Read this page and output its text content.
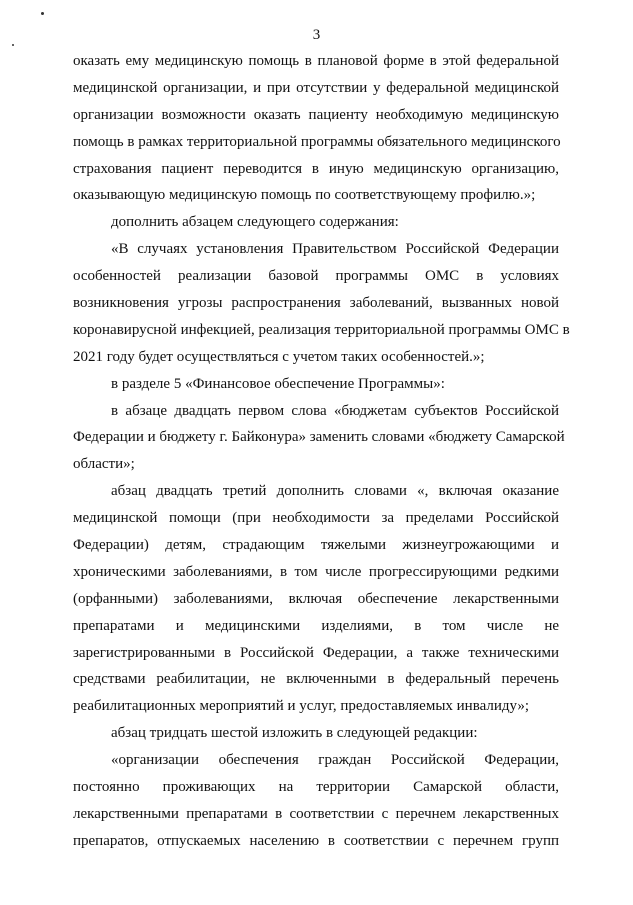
3
оказать ему медицинскую помощь в плановой форме в этой федеральной
медицинской организации, и при отсутствии у федеральной медицинской
организации возможности оказать пациенту необходимую медицинскую
помощь в рамках территориальной программы обязательного медицинского
страхования пациент переводится в иную медицинскую организацию,
оказывающую медицинскую помощь по соответствующему профилю.»;
дополнить абзацем следующего содержания:
«В случаях установления Правительством Российской Федерации
особенностей реализации базовой программы ОМС в условиях
возникновения угрозы распространения заболеваний, вызванных новой
коронавирусной инфекцией, реализация территориальной программы ОМС в
2021 году будет осуществляться с учетом таких особенностей.»;
в разделе 5 «Финансовое обеспечение Программы»:
в абзаце двадцать первом слова «бюджетам субъектов Российской
Федерации и бюджету г. Байконура» заменить словами «бюджету Самарской
области»;
абзац двадцать третий дополнить словами «, включая оказание
медицинской помощи (при необходимости за пределами Российской
Федерации) детям, страдающим тяжелыми жизнеугрожающими и
хроническими заболеваниями, в том числе прогрессирующими редкими
(орфанными) заболеваниями, включая обеспечение лекарственными
препаратами и медицинскими изделиями, в том числе не
зарегистрированными в Российской Федерации, а также техническими
средствами реабилитации, не включенными в федеральный перечень
реабилитационных мероприятий и услуг, предоставляемых инвалиду»;
абзац тридцать шестой изложить в следующей редакции:
«организации обеспечения граждан Российской Федерации,
постоянно проживающих на территории Самарской области,
лекарственными препаратами в соответствии с перечнем лекарственных
препаратов, отпускаемых населению в соответствии с перечнем групп
